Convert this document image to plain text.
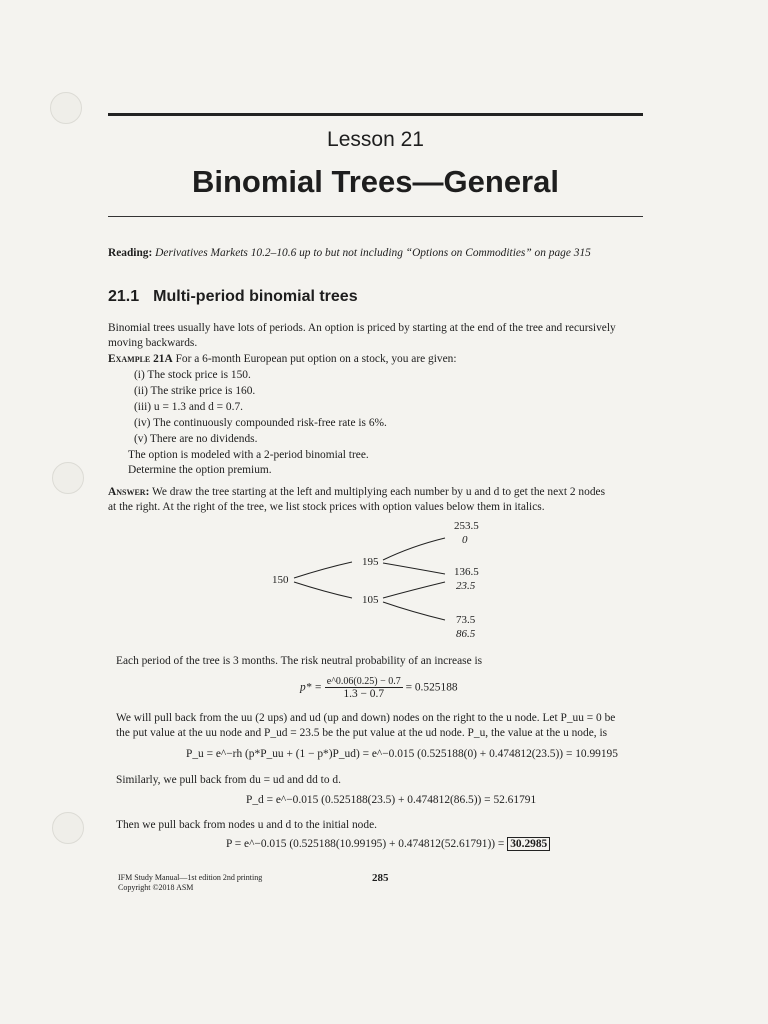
Lesson 21
Binomial Trees—General
Reading: Derivatives Markets 10.2–10.6 up to but not including “Options on Commodities” on page 315
21.1 Multi-period binomial trees
Binomial trees usually have lots of periods. An option is priced by starting at the end of the tree and recursively
moving backwards.
Example 21A For a 6-month European put option on a stock, you are given:
(i) The stock price is 150.
(ii) The strike price is 160.
(iii) u = 1.3 and d = 0.7.
(iv) The continuously compounded risk-free rate is 6%.
(v) There are no dividends.
The option is modeled with a 2-period binomial tree.
Determine the option premium.
Answer: We draw the tree starting at the left and multiplying each number by u and d to get the next 2 nodes
at the right. At the right of the tree, we list stock prices with option values below them in italics.
150
195
105
253.5
0
136.5
23.5
73.5
86.5
Each period of the tree is 3 months. The risk neutral probability of an increase is
$p* = \frac{e\^{}0.06(0.25) - 0.7}{1.3 - 0.7} = 0.525188$
We will pull back from the uu (2 ups) and ud (up and down) nodes on the right to the u node. Let P_uu = 0 be
the put value at the uu node and P_ud = 23.5 be the put value at the ud node. P_u, the value at the u node, is
P_u = e^−rh (p*P_uu + (1 − p*)P_ud) = e^−0.015 (0.525188(0) + 0.474812(23.5)) = 10.99195
Similarly, we pull back from du = ud and dd to d.
P_d = e^−0.015 (0.525188(23.5) + 0.474812(86.5)) = 52.61791
Then we pull back from nodes u and d to the initial node.
P = e^−0.015 (0.525188(10.99195) + 0.474812(52.61791)) = 30.2985
IFM Study Manual—1st edition 2nd printing
Copyright ©2018 ASM
285
